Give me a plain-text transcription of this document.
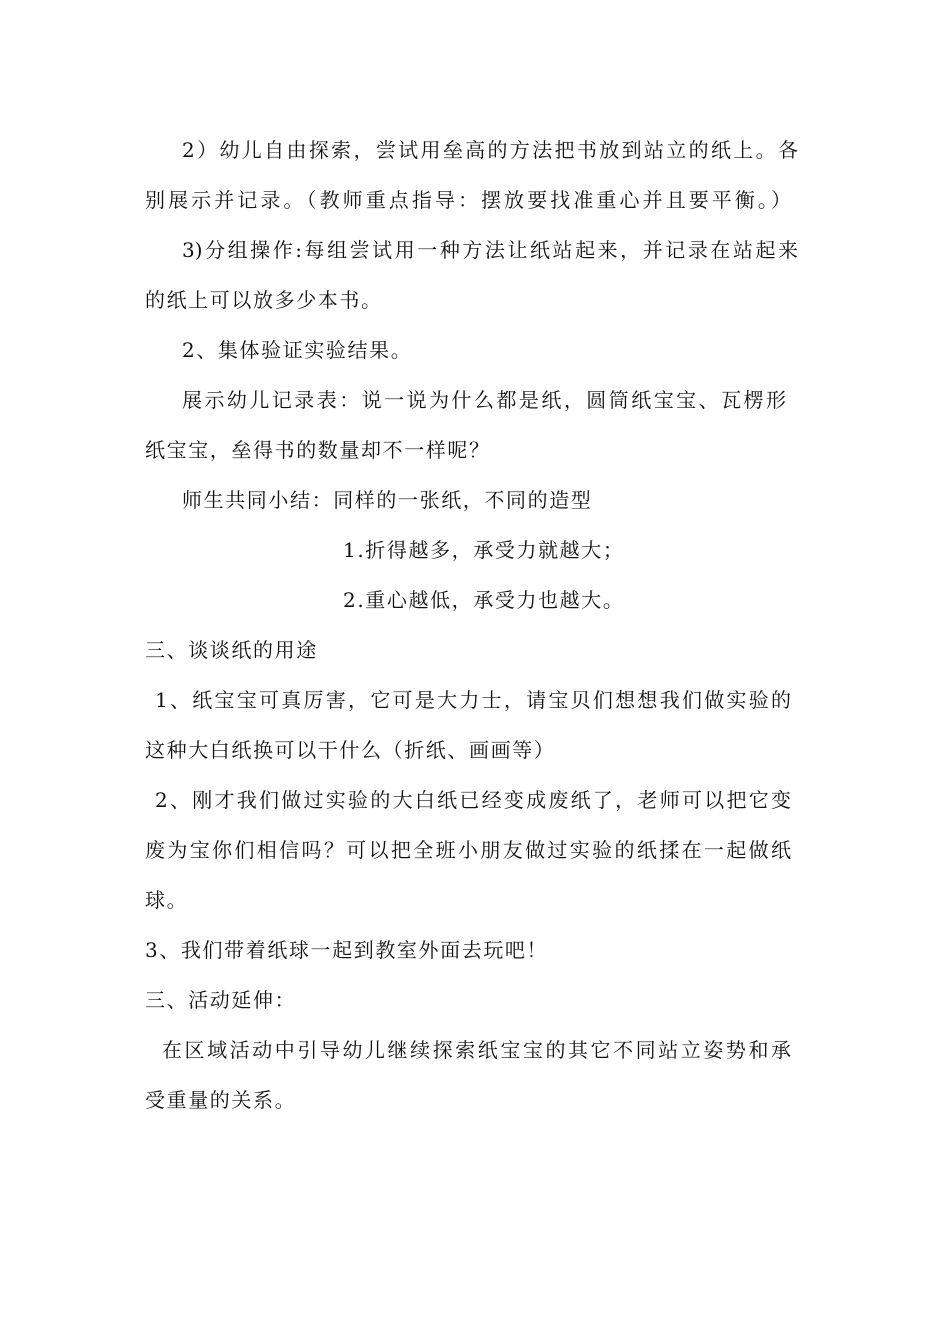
2）幼儿自由探索，尝试用垒高的方法把书放到站立的纸上。各
别展示并记录。（教师重点指导：摆放要找准重心并且要平衡。）
3)分组操作:每组尝试用一种方法让纸站起来，并记录在站起来
的纸上可以放多少本书。
2、集体验证实验结果。
展示幼儿记录表：说一说为什么都是纸，圆筒纸宝宝、瓦楞形
纸宝宝，垒得书的数量却不一样呢？
师生共同小结：同样的一张纸，不同的造型
1.折得越多，承受力就越大；
2.重心越低，承受力也越大。
三、谈谈纸的用途
1、纸宝宝可真厉害，它可是大力士，请宝贝们想想我们做实验的
这种大白纸换可以干什么（折纸、画画等）
2、刚才我们做过实验的大白纸已经变成废纸了，老师可以把它变
废为宝你们相信吗？可以把全班小朋友做过实验的纸揉在一起做纸
球。
3、我们带着纸球一起到教室外面去玩吧！
三、活动延伸：
在区域活动中引导幼儿继续探索纸宝宝的其它不同站立姿势和承
受重量的关系。
